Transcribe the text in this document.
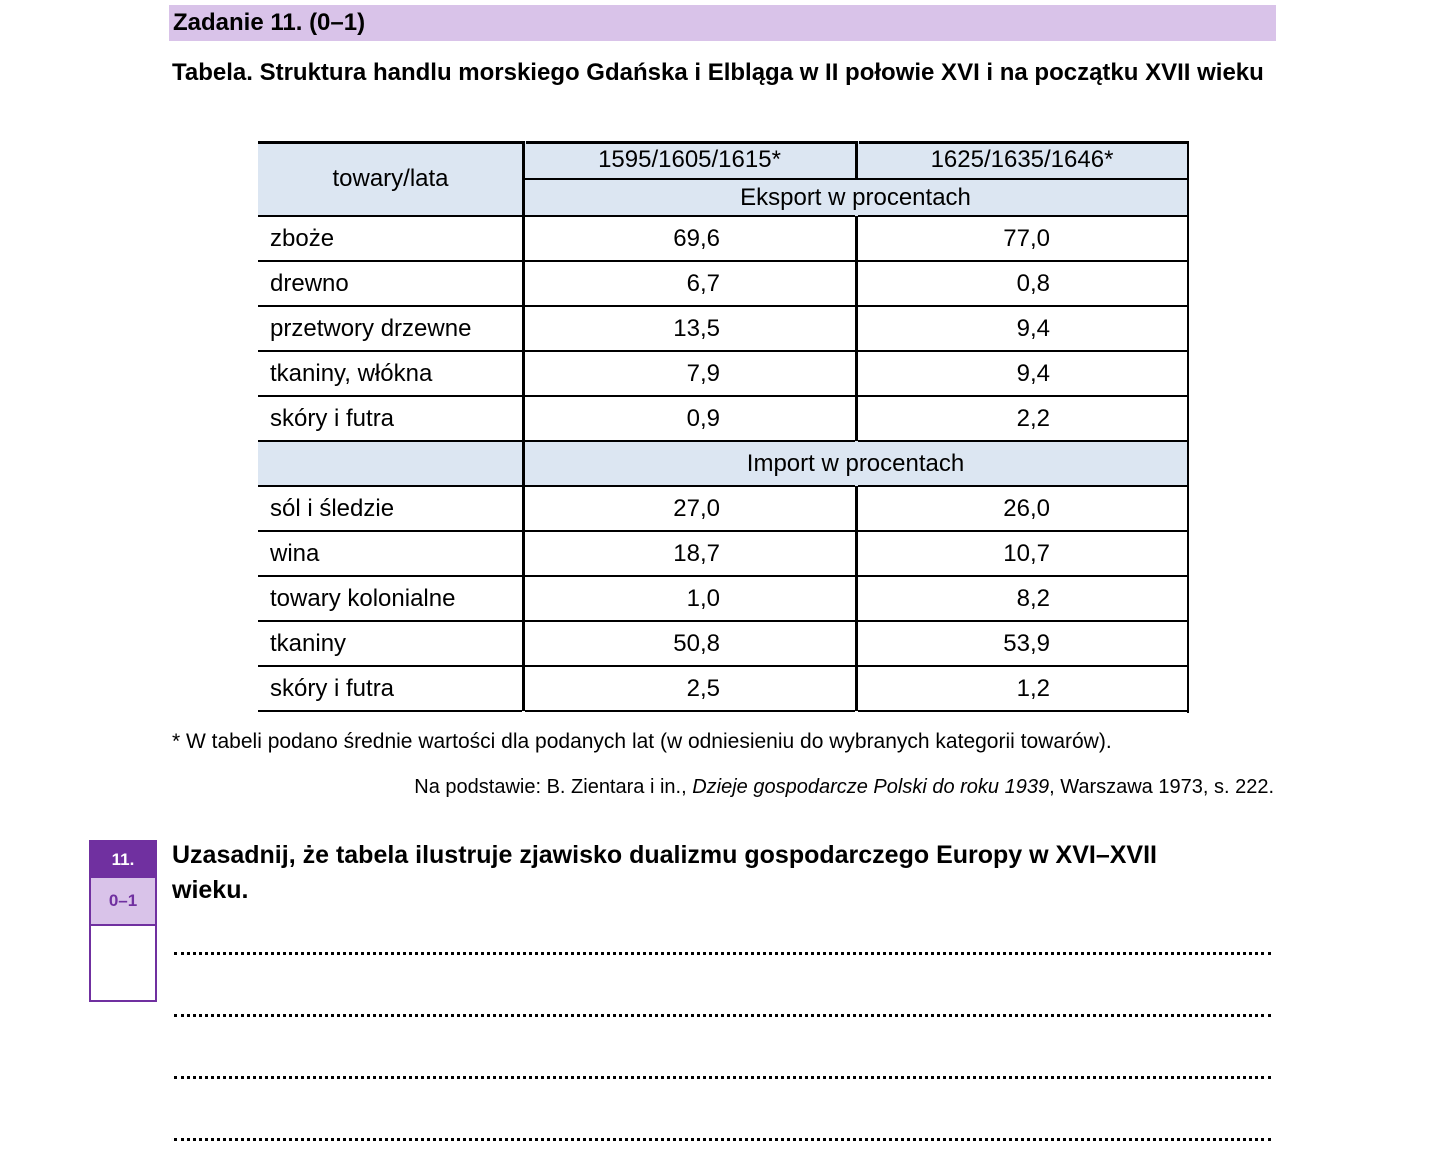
Zadanie 11. (0–1)
Tabela. Struktura handlu morskiego Gdańska i Elbląga w II połowie XVI i na początku XVII wieku
towary/lata
1595/1605/1615*	1625/1635/1646*
Eksport w procentach
Import w procentach
zboże	69,6	77,0
drewno	6,7	0,8
przetwory drzewne	13,5	9,4
tkaniny, włókna	7,9	9,4
skóry i futra	0,9	2,2
sól i śledzie	27,0	26,0
wina	18,7	10,7
towary kolonialne	1,0	8,2
tkaniny	50,8	53,9
skóry i futra	2,5	1,2
* W tabeli podano średnie wartości dla podanych lat (w odniesieniu do wybranych kategorii towarów).
Na podstawie: B. Zientara i in., Dzieje gospodarcze Polski do roku 1939, Warszawa 1973, s. 222.
11.
0–1
Uzasadnij, że tabela ilustruje zjawisko dualizmu gospodarczego Europy w XVI–XVII wieku.
